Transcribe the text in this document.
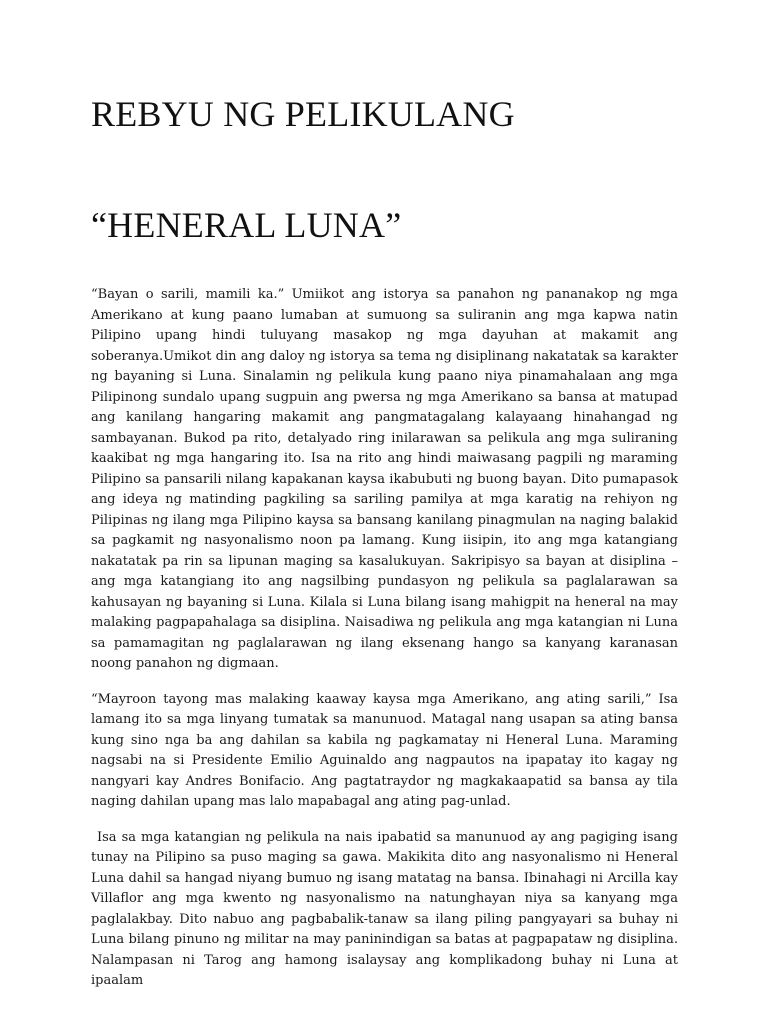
REBYU NG PELIKULANG
“HENERAL LUNA”

“Bayan o sarili, mamili ka.” Umiikot ang istorya sa panahon ng pananakop ng mga Amerikano at kung paano lumaban at sumuong sa suliranin ang mga kapwa natin Pilipino upang hindi tuluyang masakop ng mga dayuhan at makamit ang soberanya.Umikot din ang daloy ng istorya sa tema ng disiplinang nakatatak sa karakter ng bayaning si Luna. Sinalamin ng pelikula kung paano niya pinamahalaan ang mga Pilipinong sundalo upang sugpuin ang pwersa ng mga Amerikano sa bansa at matupad ang kanilang hangaring makamit ang pangmatagalang kalayaang hinahangad ng sambayanan. Bukod pa rito, detalyado ring inilarawan sa pelikula ang mga suliraning kaakibat ng mga hangaring ito. Isa na rito ang hindi maiwasang pagpili ng maraming Pilipino sa pansarili nilang kapakanan kaysa ikabubuti ng buong bayan. Dito pumapasok ang ideya ng matinding pagkiling sa sariling pamilya at mga karatig na rehiyon ng Pilipinas ng ilang mga Pilipino kaysa sa bansang kanilang pinagmulan na naging balakid sa pagkamit ng nasyonalismo noon pa lamang. Kung iisipin, ito ang mga katangiang nakatatak pa rin sa lipunan maging sa kasalukuyan. Sakripisyo sa bayan at disiplina – ang mga katangiang ito ang nagsilbing pundasyon ng pelikula sa paglalarawan sa kahusayan ng bayaning si Luna. Kilala si Luna bilang isang mahigpit na heneral na may malaking pagpapahalaga sa disiplina. Naisadiwa ng pelikula ang mga katangian ni Luna sa pamamagitan ng paglalarawan ng ilang eksenang hango sa kanyang karanasan noong panahon ng digmaan.

“Mayroon tayong mas malaking kaaway kaysa mga Amerikano, ang ating sarili,” Isa lamang ito sa mga linyang tumatak sa manunuod. Matagal nang usapan sa ating bansa kung sino nga ba ang dahilan sa kabila ng pagkamatay ni Heneral Luna. Maraming nagsabi na si Presidente Emilio Aguinaldo ang nagpautos na ipapatay ito kagay ng nangyari kay Andres Bonifacio. Ang pagtatraydor ng magkakaapatid sa bansa ay tila naging dahilan upang mas lalo mapabagal ang ating pag-unlad.

Isa sa mga katangian ng pelikula na nais ipabatid sa manunuod ay ang pagiging isang tunay na Pilipino sa puso maging sa gawa. Makikita dito ang nasyonalismo ni Heneral Luna dahil sa hangad niyang bumuo ng isang matatag na bansa. Ibinahagi ni Arcilla kay Villaflor ang mga kwento ng nasyonalismo na natunghayan niya sa kanyang mga paglalakbay. Dito nabuo ang pagbabalik-tanaw sa ilang piling pangyayari sa buhay ni Luna bilang pinuno ng militar na may paninindigan sa batas at pagpapataw ng disiplina. Nalampasan ni Tarog ang hamong isalaysay ang komplikadong buhay ni Luna at ipaalam
